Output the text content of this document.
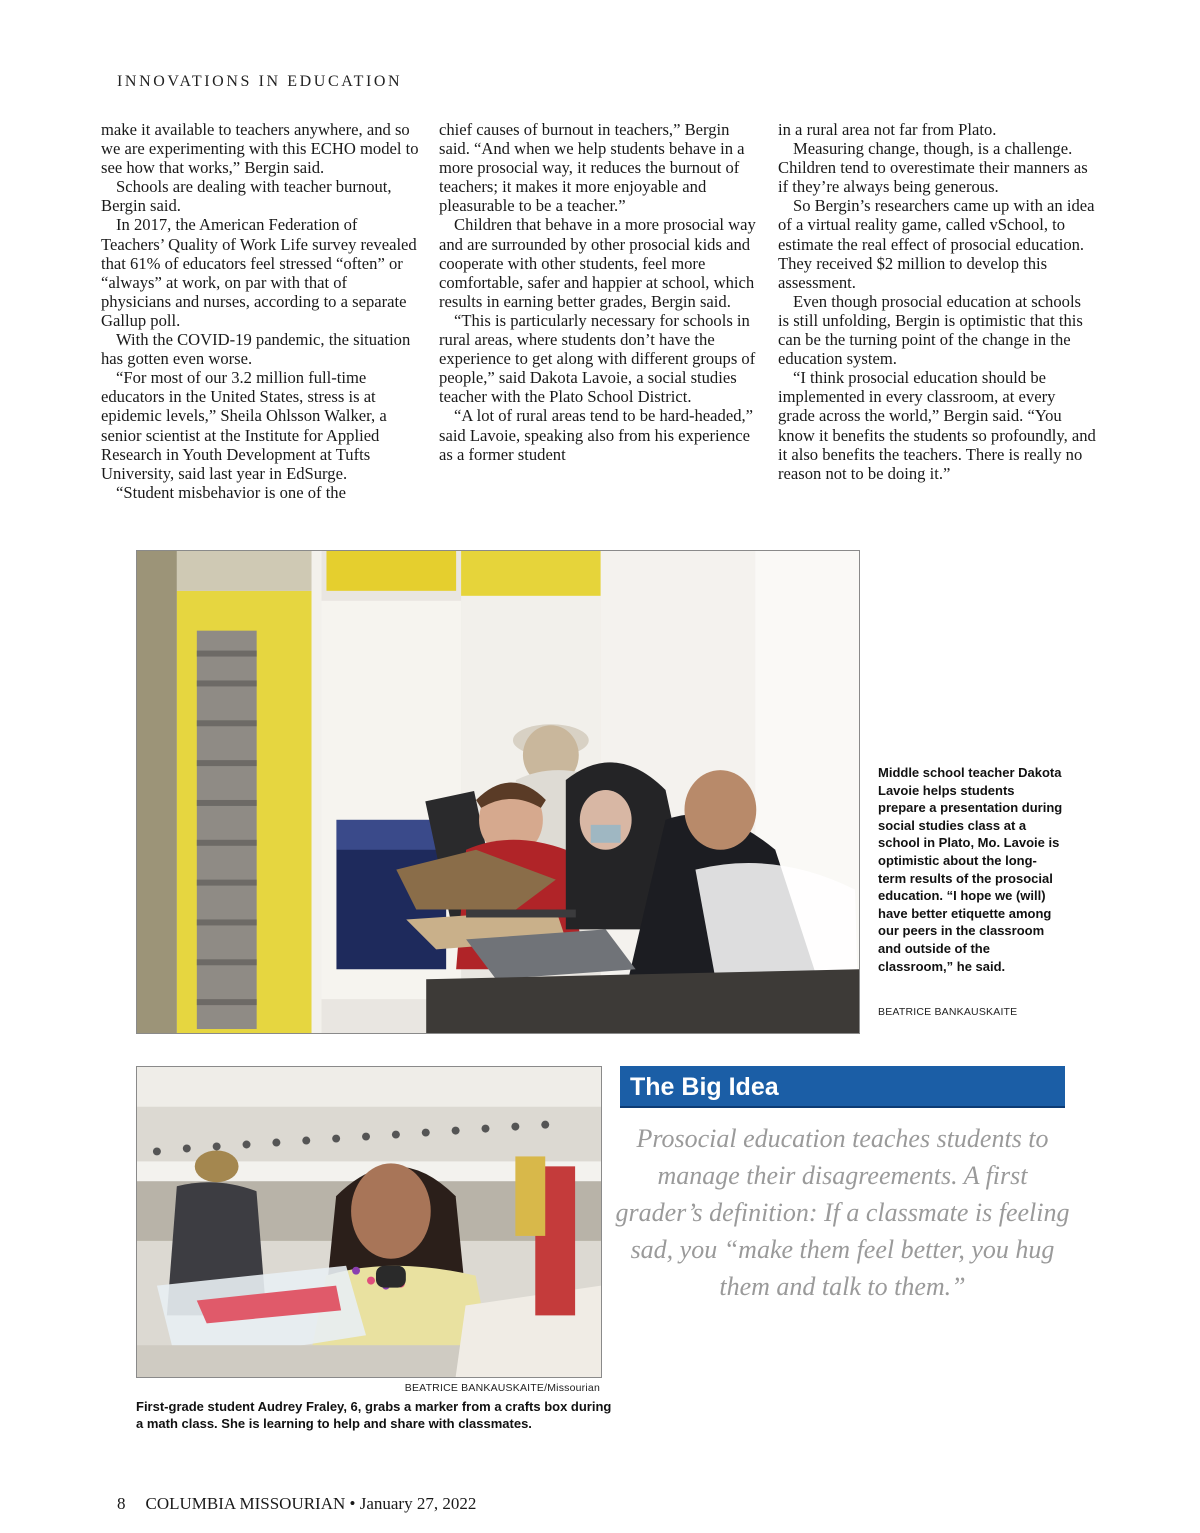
INNOVATIONS IN EDUCATION

make it available to teachers anywhere, and so we are experimenting with this ECHO model to see how that works,” Bergin said.

Schools are dealing with teacher burnout, Bergin said.

In 2017, the American Federation of Teachers’ Quality of Work Life survey revealed that 61% of educators feel stressed “often” or “always” at work, on par with that of physicians and nurses, according to a separate Gallup poll.

With the COVID-19 pandemic, the situation has gotten even worse.

“For most of our 3.2 million full-time educators in the United States, stress is at epidemic levels,” Sheila Ohlsson Walker, a senior scientist at the Institute for Applied Research in Youth Development at Tufts University, said last year in EdSurge.

“Student misbehavior is one of the

chief causes of burnout in teachers,” Bergin said. “And when we help students behave in a more prosocial way, it reduces the burnout of teachers; it makes it more enjoyable and pleasurable to be a teacher.”

Children that behave in a more prosocial way and are surrounded by other prosocial kids and cooperate with other students, feel more comfortable, safer and happier at school, which results in earning better grades, Bergin said.

“This is particularly necessary for schools in rural areas, where students don’t have the experience to get along with different groups of people,” said Dakota Lavoie, a social studies teacher with the Plato School District.

“A lot of rural areas tend to be hard-headed,” said Lavoie, speaking also from his experience as a former student

in a rural area not far from Plato.

Measuring change, though, is a challenge. Children tend to overestimate their manners as if they’re always being generous.

So Bergin’s researchers came up with an idea of a virtual reality game, called vSchool, to estimate the real effect of prosocial education. They received $2 million to develop this assessment.

Even though prosocial education at schools is still unfolding, Bergin is optimistic that this can be the turning point of the change in the education system.

“I think prosocial education should be implemented in every classroom, at every grade across the world,” Bergin said. “You know it benefits the students so profoundly, and it also benefits the teachers. There is really no reason not to be doing it.”

Middle school teacher Dakota Lavoie helps students prepare a presentation during social studies class at a school in Plato, Mo. Lavoie is optimistic about the long-term results of the prosocial education. “I hope we (will) have better etiquette among our peers in the classroom and outside of the classroom,” he said.
BEATRICE BANKAUSKAITE
BEATRICE BANKAUSKAITE/Missourian
First-grade student Audrey Fraley, 6, grabs a marker from a crafts box during a math class. She is learning to help and share with classmates.
The Big Idea
Prosocial education teaches students to manage their disagreements. A first grader’s definition: If a classmate is feeling sad, you “make them feel better, you hug them and talk to them.”
8 COLUMBIA MISSOURIAN • January 27, 2022
